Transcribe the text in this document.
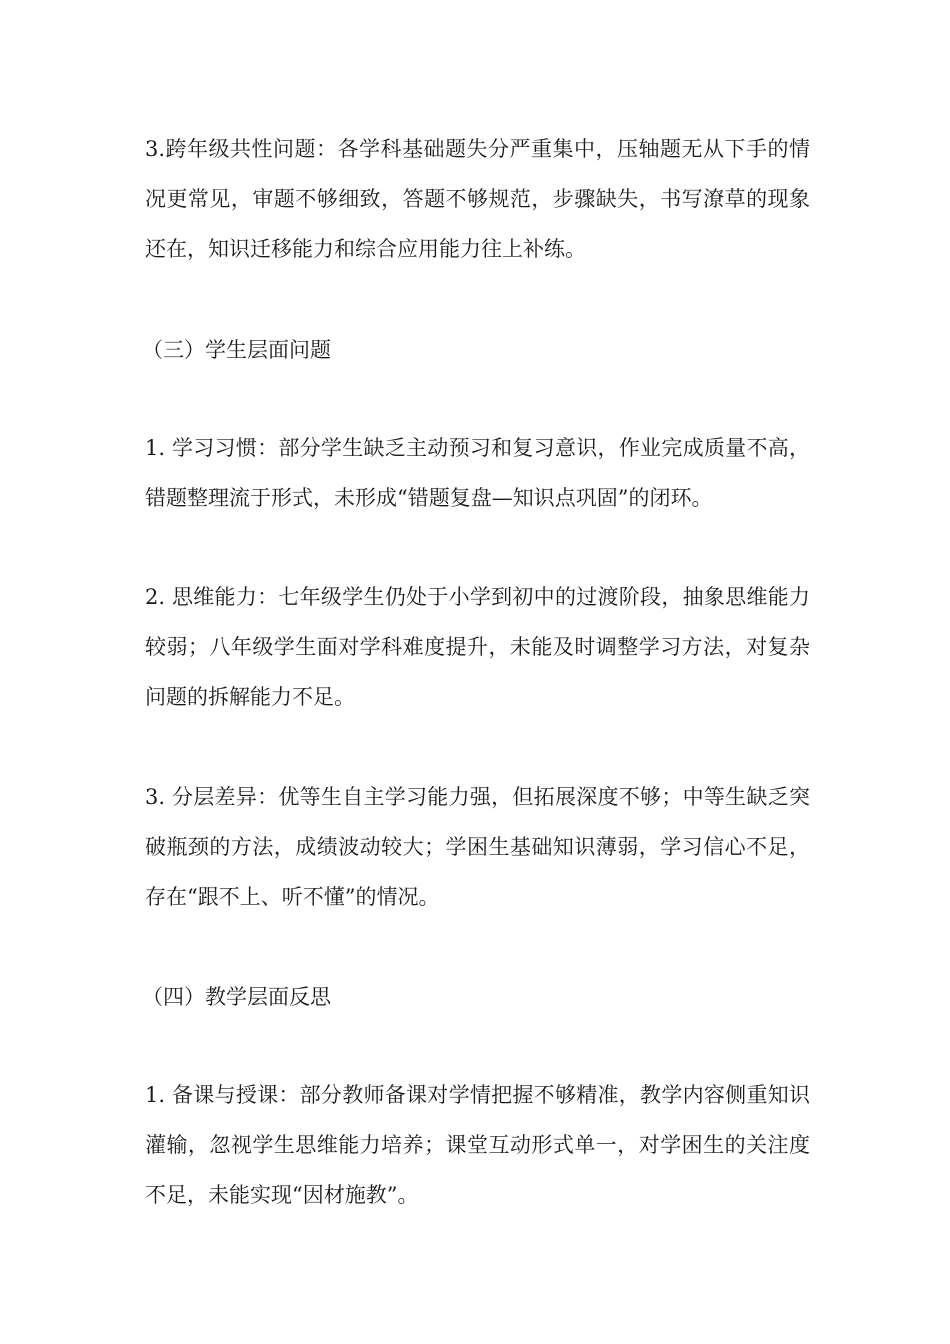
3.跨年级共性问题：各学科基础题失分严重集中，压轴题无从下手的情况更常见，审题不够细致，答题不够规范，步骤缺失，书写潦草的现象还在，知识迁移能力和综合应用能力往上补练。

（三）学生层面问题

1. 学习习惯：部分学生缺乏主动预习和复习意识，作业完成质量不高，错题整理流于形式，未形成“错题复盘—知识点巩固”的闭环。

2. 思维能力：七年级学生仍处于小学到初中的过渡阶段，抽象思维能力较弱；八年级学生面对学科难度提升，未能及时调整学习方法，对复杂问题的拆解能力不足。

3. 分层差异：优等生自主学习能力强，但拓展深度不够；中等生缺乏突破瓶颈的方法，成绩波动较大；学困生基础知识薄弱，学习信心不足，存在“跟不上、听不懂”的情况。

（四）教学层面反思

1. 备课与授课：部分教师备课对学情把握不够精准，教学内容侧重知识灌输，忽视学生思维能力培养；课堂互动形式单一，对学困生的关注度不足，未能实现“因材施教”。
